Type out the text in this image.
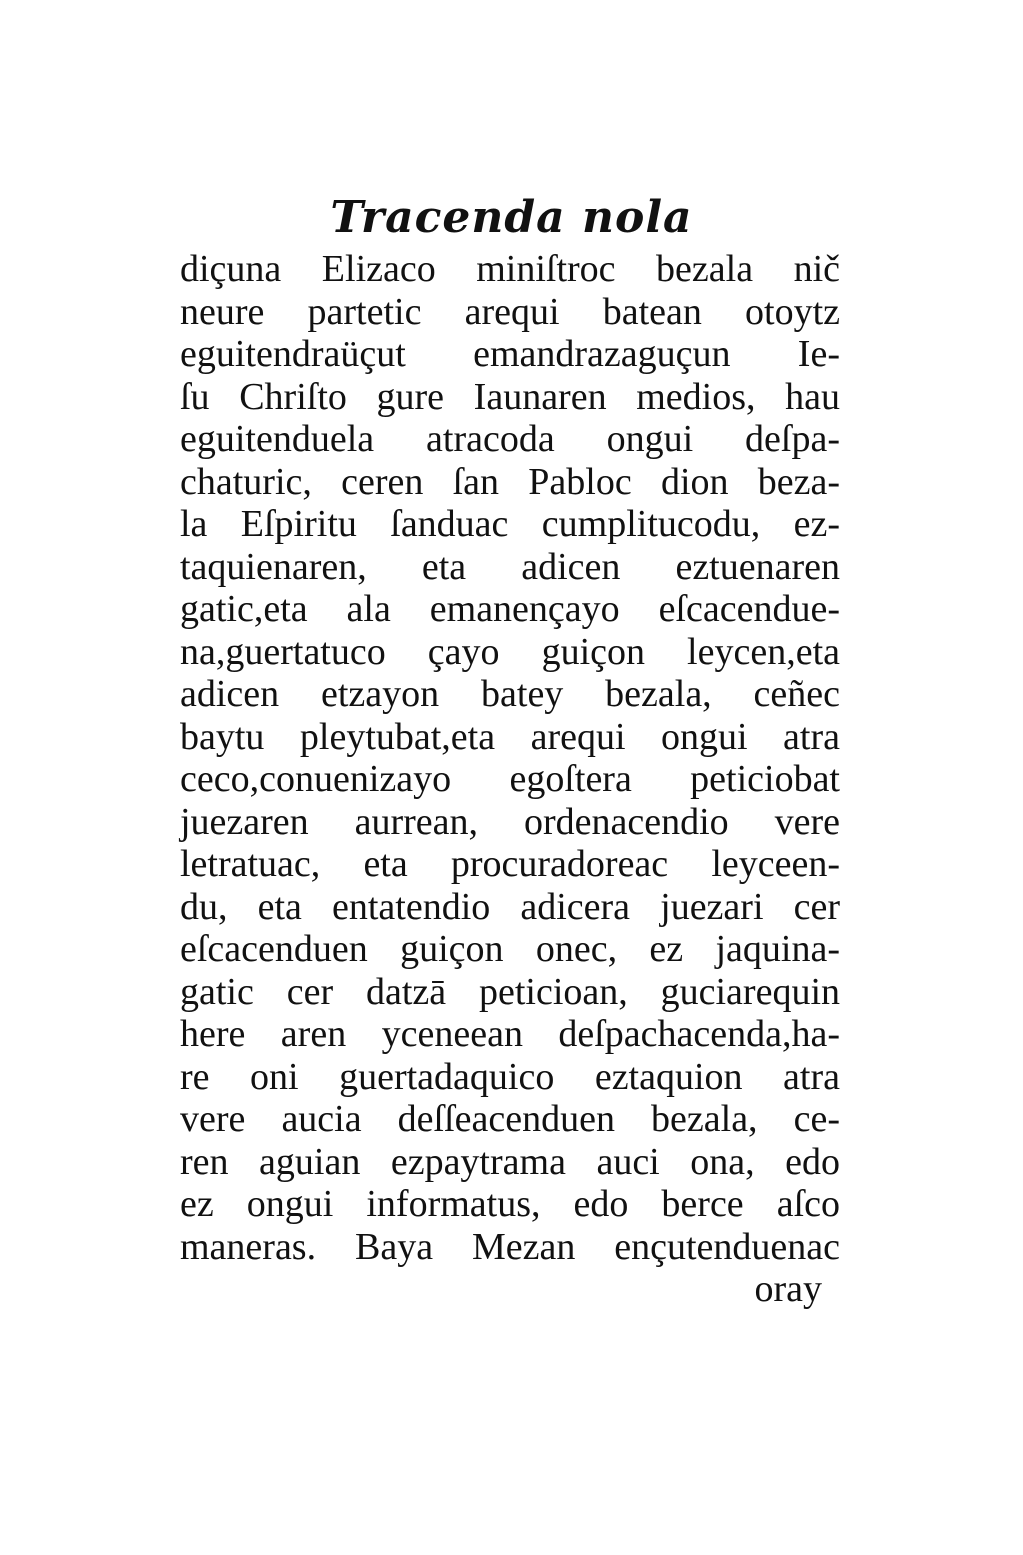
Tracenda nola
diçuna Elizaco miniſtroc bezala nič
neure partetic arequi batean otoytz
eguitendraüçut emandrazaguçun Ie-
ſu Chriſto gure Iaunaren medios, hau
eguitenduela atracoda ongui deſpa-
chaturic, ceren ſan Pabloc dion beza-
la Eſpiritu ſanduac cumplitucodu, ez-
taquienaren, eta adicen eztuenaren
gatic,eta ala emanençayo eſcacendue-
na,guertatuco çayo guiçon leycen,eta
adicen etzayon batey bezala, ceñec
baytu pleytubat,eta arequi ongui atra
ceco,conuenizayo egoſtera peticiobat
juezaren aurrean, ordenacendio vere
letratuac, eta procuradoreac leyceen-
du, eta entatendio adicera juezari cer
eſcacenduen guiçon onec, ez jaquina-
gatic cer datzā peticioan, guciarequin
here aren yceneean deſpachacenda,ha-
re oni guertadaquico eztaquion atra
vere aucia deſſeacenduen bezala, ce-
ren aguian ezpaytrama auci ona, edo
ez ongui informatus, edo berce aſco
maneras. Baya Mezan ençutenduenac
oray
